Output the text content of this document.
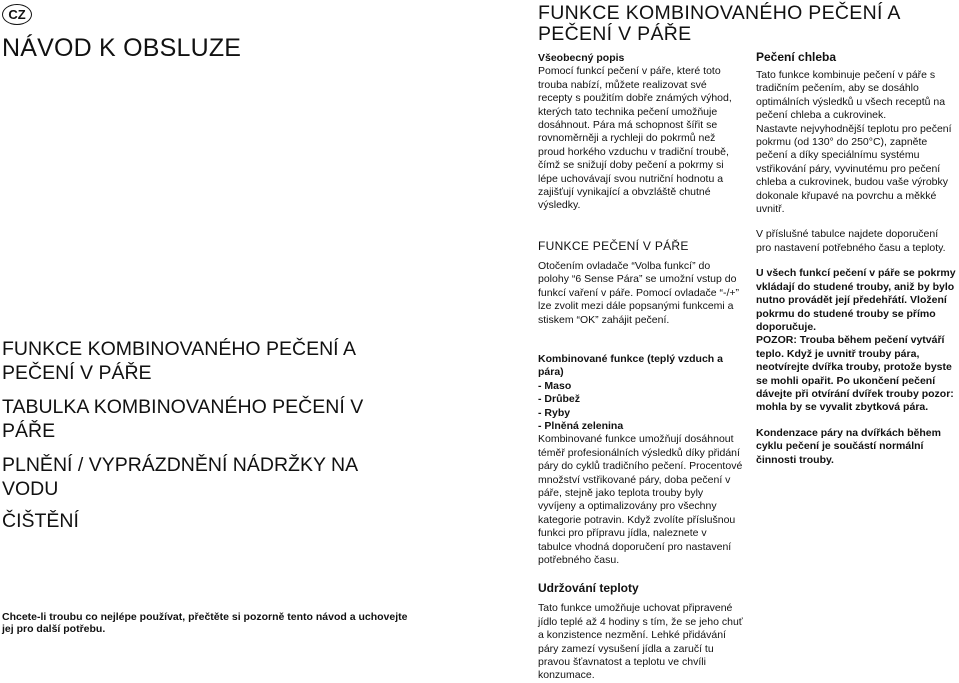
CZ
NÁVOD K OBSLUZE
FUNKCE KOMBINOVANÉHO PEČENÍ A PEČENÍ V PÁŘE
TABULKA KOMBINOVANÉHO PEČENÍ V PÁŘE
PLNĚNÍ / VYPRÁZDNĚNÍ NÁDRŽKY NA VODU
ČIŠTĚNÍ
Chcete-li troubu co nejlépe používat, přečtěte si pozorně tento návod a uchovejte jej pro další potřebu.
FUNKCE KOMBINOVANÉHO PEČENÍ A PEČENÍ V PÁŘE

Všeobecný popis

Pomocí funkcí pečení v páře, které toto trouba nabízí, můžete realizovat své recepty s použitím dobře známých výhod, kterých tato technika pečení umožňuje dosáhnout. Pára má schopnost šířit se rovnoměrněji a rychleji do pokrmů než proud horkého vzduchu v tradiční troubě, čímž se snižují doby pečení a pokrmy si lépe uchovávají svou nutriční hodnotu a zajišťují vynikající a obvzláště chutné výsledky.

FUNKCE PEČENÍ V PÁŘE

Otočením ovladače “Volba funkcí” do polohy “6 Sense Pára” se umožní vstup do funkcí vaření v páře. Pomocí ovladače “-/+” lze zvolit mezi dále popsanými funkcemi a stiskem “OK” zahájit pečení.

Kombinované funkce (teplý vzduch a pára)

- Maso

- Drůbež

- Ryby

- Plněná zelenina

Kombinované funkce umožňují dosáhnout téměř profesionálních výsledků díky přidání páry do cyklů tradičního pečení. Procentové množství vstřikované páry, doba pečení v páře, stejně jako teplota trouby byly vyvíjeny a optimalizovány pro všechny kategorie potravin. Když zvolíte příslušnou funkci pro přípravu jídla, naleznete v tabulce vhodná doporučení pro nastavení potřebného času.

Udržování teploty

Tato funkce umožňuje uchovat připravené jídlo teplé až 4 hodiny s tím, že se jeho chuť a konzistence nezmění. Lehké přidávání páry zamezí vysušení jídla a zaručí tu pravou šťavnatost a teplotu ve chvíli konzumace.

Pečení chleba

Tato funkce kombinuje pečení v páře s tradičním pečením, aby se dosáhlo optimálních výsledků u všech receptů na pečení chleba a cukrovinek.

Nastavte nejvyhodnější teplotu pro pečení pokrmu (od 130° do 250°C), zapněte pečení a díky speciálnímu systému vstřikování páry, vyvinutému pro pečení chleba a cukrovinek, budou vaše výrobky dokonale křupavé na povrchu a měkké uvnitř.

V příslušné tabulce najdete doporučení pro nastavení potřebného času a teploty.

U všech funkcí pečení v páře se pokrmy vkládají do studené trouby, aniž by bylo nutno provádět její předehřátí. Vložení pokrmu do studené trouby se přímo doporučuje.

POZOR: Trouba během pečení vytváří teplo. Když je uvnitř trouby pára, neotvírejte dvířka trouby, protože byste se mohli opařit. Po ukončení pečení dávejte při otvírání dvířek trouby pozor: mohla by se vyvalit zbytková pára.

Kondenzace páry na dvířkách během cyklu pečení je součástí normální činnosti trouby.
